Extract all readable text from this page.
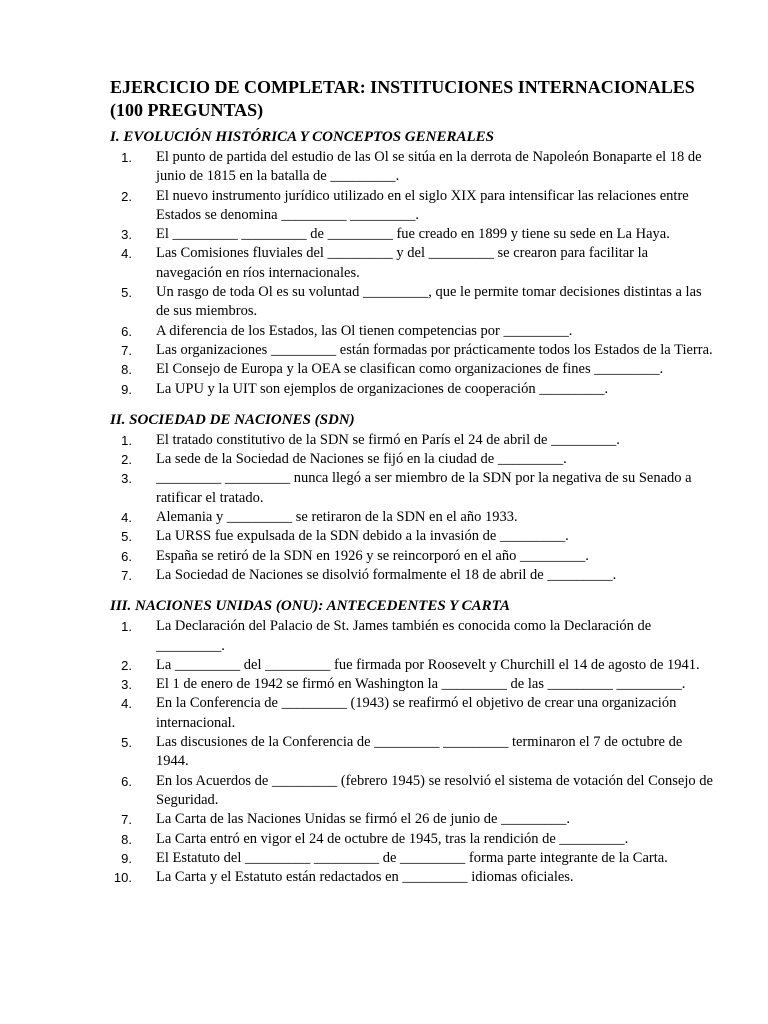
EJERCICIO DE COMPLETAR: INSTITUCIONES INTERNACIONALES (100 PREGUNTAS)
I. EVOLUCIÓN HISTÓRICA Y CONCEPTOS GENERALES
1. El punto de partida del estudio de las Ol se sitúa en la derrota de Napoleón Bonaparte el 18 de junio de 1815 en la batalla de _________.
2. El nuevo instrumento jurídico utilizado en el siglo XIX para intensificar las relaciones entre Estados se denomina _________ _________.
3. El _________ _________ de _________ fue creado en 1899 y tiene su sede en La Haya.
4. Las Comisiones fluviales del _________ y del _________ se crearon para facilitar la navegación en ríos internacionales.
5. Un rasgo de toda Ol es su voluntad _________, que le permite tomar decisiones distintas a las de sus miembros.
6. A diferencia de los Estados, las Ol tienen competencias por _________.
7. Las organizaciones _________ están formadas por prácticamente todos los Estados de la Tierra.
8. El Consejo de Europa y la OEA se clasifican como organizaciones de fines _________.
9. La UPU y la UIT son ejemplos de organizaciones de cooperación _________.
II. SOCIEDAD DE NACIONES (SDN)
1. El tratado constitutivo de la SDN se firmó en París el 24 de abril de _________.
2. La sede de la Sociedad de Naciones se fijó en la ciudad de _________.
3. _________ _________ nunca llegó a ser miembro de la SDN por la negativa de su Senado a ratificar el tratado.
4. Alemania y _________ se retiraron de la SDN en el año 1933.
5. La URSS fue expulsada de la SDN debido a la invasión de _________.
6. España se retiró de la SDN en 1926 y se reincorporó en el año _________.
7. La Sociedad de Naciones se disolvió formalmente el 18 de abril de _________.
III. NACIONES UNIDAS (ONU): ANTECEDENTES Y CARTA
1. La Declaración del Palacio de St. James también es conocida como la Declaración de _________.
2. La _________ del _________ fue firmada por Roosevelt y Churchill el 14 de agosto de 1941.
3. El 1 de enero de 1942 se firmó en Washington la _________ de las _________ _________.
4. En la Conferencia de _________ (1943) se reafirmó el objetivo de crear una organización internacional.
5. Las discusiones de la Conferencia de _________ _________ terminaron el 7 de octubre de 1944.
6. En los Acuerdos de _________ (febrero 1945) se resolvió el sistema de votación del Consejo de Seguridad.
7. La Carta de las Naciones Unidas se firmó el 26 de junio de _________.
8. La Carta entró en vigor el 24 de octubre de 1945, tras la rendición de _________.
9. El Estatuto del _________ _________ de _________ forma parte integrante de la Carta.
10. La Carta y el Estatuto están redactados en _________ idiomas oficiales.
